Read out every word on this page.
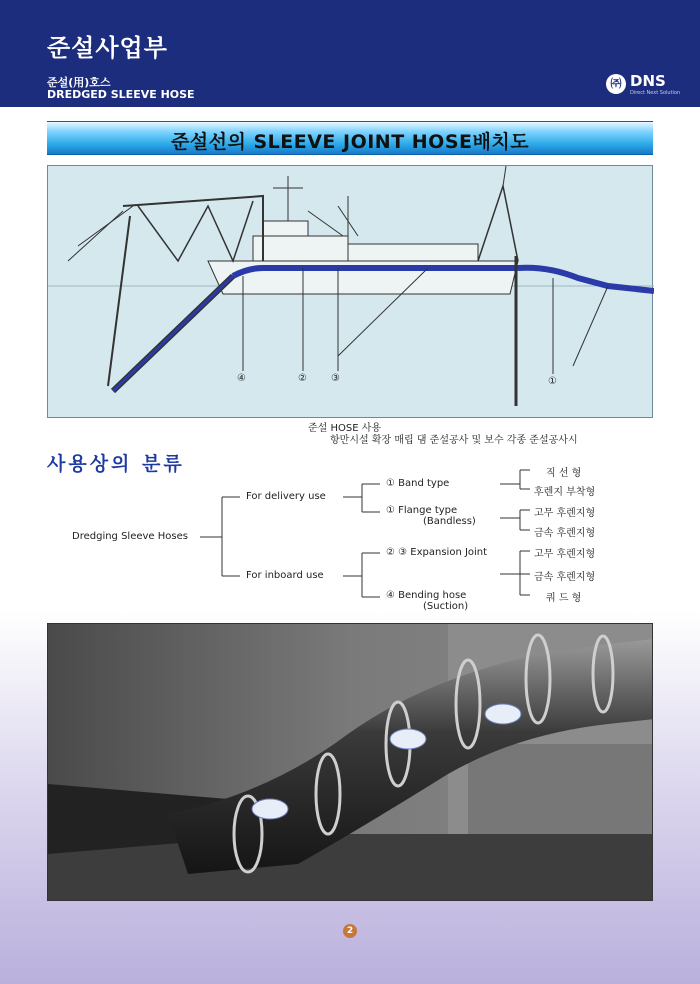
준설사업부
준설(用)호스
DREDGED SLEEVE HOSE
㈜ DNS
Direct Next Solution
준설선의 SLEEVE JOINT HOSE배치도
④	② ③	①
준설 HOSE 사용
항만시설 확장 매립 댐 준설공사 및 보수 각종 준설공사시
사용상의 분류
Dredging Sleeve Hoses
For delivery use
For inboard use
① Band type
① Flange type
(Bandless)
② ③ Expansion Joint
④ Bending hose
(Suction)
직 선 형
후렌지 부착형
고무 후렌지형
금속 후렌지형
고무 후렌지형
금속 후렌지형
쿼 드 형
2
